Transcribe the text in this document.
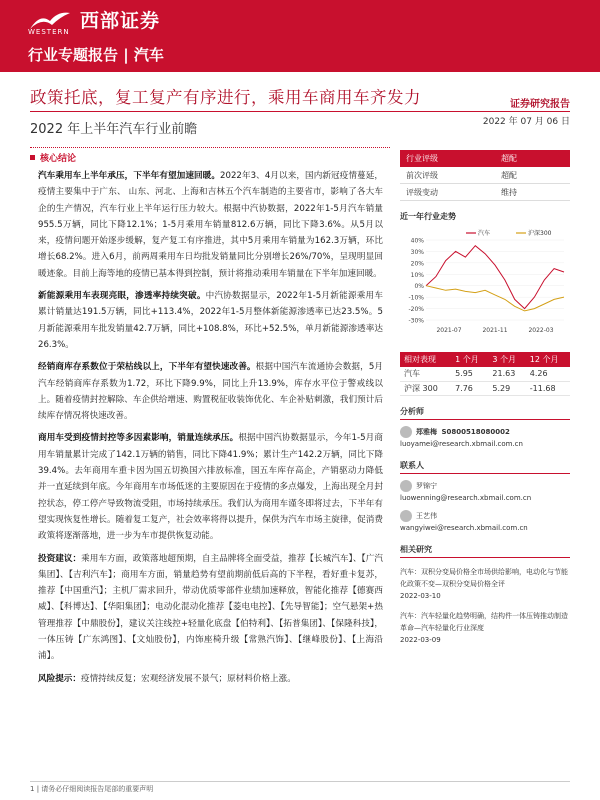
西部证券
WESTERN
行业专题报告 | 汽车
政策托底，复工复产有序进行，乘用车商用车齐发力	证券研究报告
2022 年上半年汽车行业前瞻	2022 年 07 月 06 日
核心结论

汽车乘用车上半年承压，下半年有望加速回暖。2022年3、4月以来，国内新冠疫情蔓延，疫情主要集中于广东、 山东、河北、上海和吉林五个汽车制造的主要省市，影响了各大车企的生产情况，汽车行业上半年运行压力较大。根据中汽协数据，2022年1-5月汽车销量955.5万辆，同比下降12.1%；1-5月乘用车销量812.6万辆，同比下降3.6%。从5月以来，疫情问题开始逐步缓解，复产复工有序推进，其中5月乘用车销量为162.3万辆，环比增长68.2%。进入6月，前两周乘用车日均批发销量同比分别增长26%/70%，呈现明显回暖迹象。目前上海等地的疫情已基本得到控制，预计将推动乘用车销量在下半年加速回暖。

新能源乘用车表现亮眼，渗透率持续突破。中汽协数据显示，2022年1-5月新能源乘用车累计销量达191.5万辆，同比+113.4%，2022年1-5月整体新能源渗透率已达23.5%。5月新能源乘用车批发销量42.7万辆，同比+108.8%，环比+52.5%，单月新能源渗透率达26.3%。

经销商库存系数位于荣枯线以上，下半年有望快速改善。根据中国汽车流通协会数据，5月汽车经销商库存系数为1.72，环比下降9.9%，同比上升13.9%，库存水平位于警戒线以上。随着疫情封控解除、车企供给增速、购置税征收装饰优化、车企补贴刺激，我们预计后续库存情况将快速改善。

商用车受到疫情封控等多因素影响，销量连续承压。根据中国汽协数据显示，今年1-5月商用车销量累计完成了142.1万辆的销售，同比下降41.9%；累计生产142.2万辆，同比下降39.4%。去年商用车重卡因为国五切换国六排放标准，国五车库存高企，产销驱动力降低并一直延续到年底。今年商用车市场低迷的主要原因在于疫情的多点爆发，上海出现全月封控状态，停工停产导致物流受阻，市场持续承压。我们认为商用车谨冬即将过去，下半年有望实现恢复性增长。随着复工复产，社会效率将得以提升，保供为汽车市场主旋律，促消费政策将逐渐落地，进一步为车市提供恢复动能。

投资建议：乘用车方面，政策落地超预期，自主品牌将全面受益，推荐【长城汽车】、【广汽集团】、【吉利汽车】；商用车方面，销量趋势有望前期前低后高的下半程，看好重卡复苏，推荐【中国重汽】；主机厂需求回升，带动优质零部件业绩加速释放，智能化推荐【德赛西威】、【科博达】、【华阳集团】；电动化混动化推荐【菱电电控】、【先导智能】；空气悬架+热管理推荐【中鼎股份】，建议关注线控+轻量化底盘【伯特利】、【拓普集团】、【保隆科技】，一体压铸【广东鸿图】、【文灿股份】，内饰座椅升级【常熟汽饰】、【继峰股份】、【上海沿浦】。

风险提示：疫情持续反复；宏观经济发展不景气；原材料价格上涨。

行业评级	超配
前次评级	超配
评级变动	维持
近一年行业走势
40%
30%
20%
10%
0%
-10%
-20%
-30%
2021-07	2021-11	2022-03
汽车	沪深300
相对表现	1 个月	3 个月	12 个月
汽车	5.95	21.63	4.26
沪深 300	7.76	5.29	-11.68
分析师
郑雅梅
S0800518080002
luoyamei@research.xbmail.com.cn
联系人
罗锦宁
luowenning@research.xbmail.com.cn
王艺伟
wangyiwei@research.xbmail.com.cn
相关研究
汽车：双积分变局价格全市场供给影响，电动化与节能化政策不变—双积分变局价格全评
2022-03-10
汽车：汽车轻量化趋势明确，结构件一体压铸推动制造革命—汽车轻量化行业深度
2022-03-09
1 | 请务必仔细阅读报告尾部的重要声明
